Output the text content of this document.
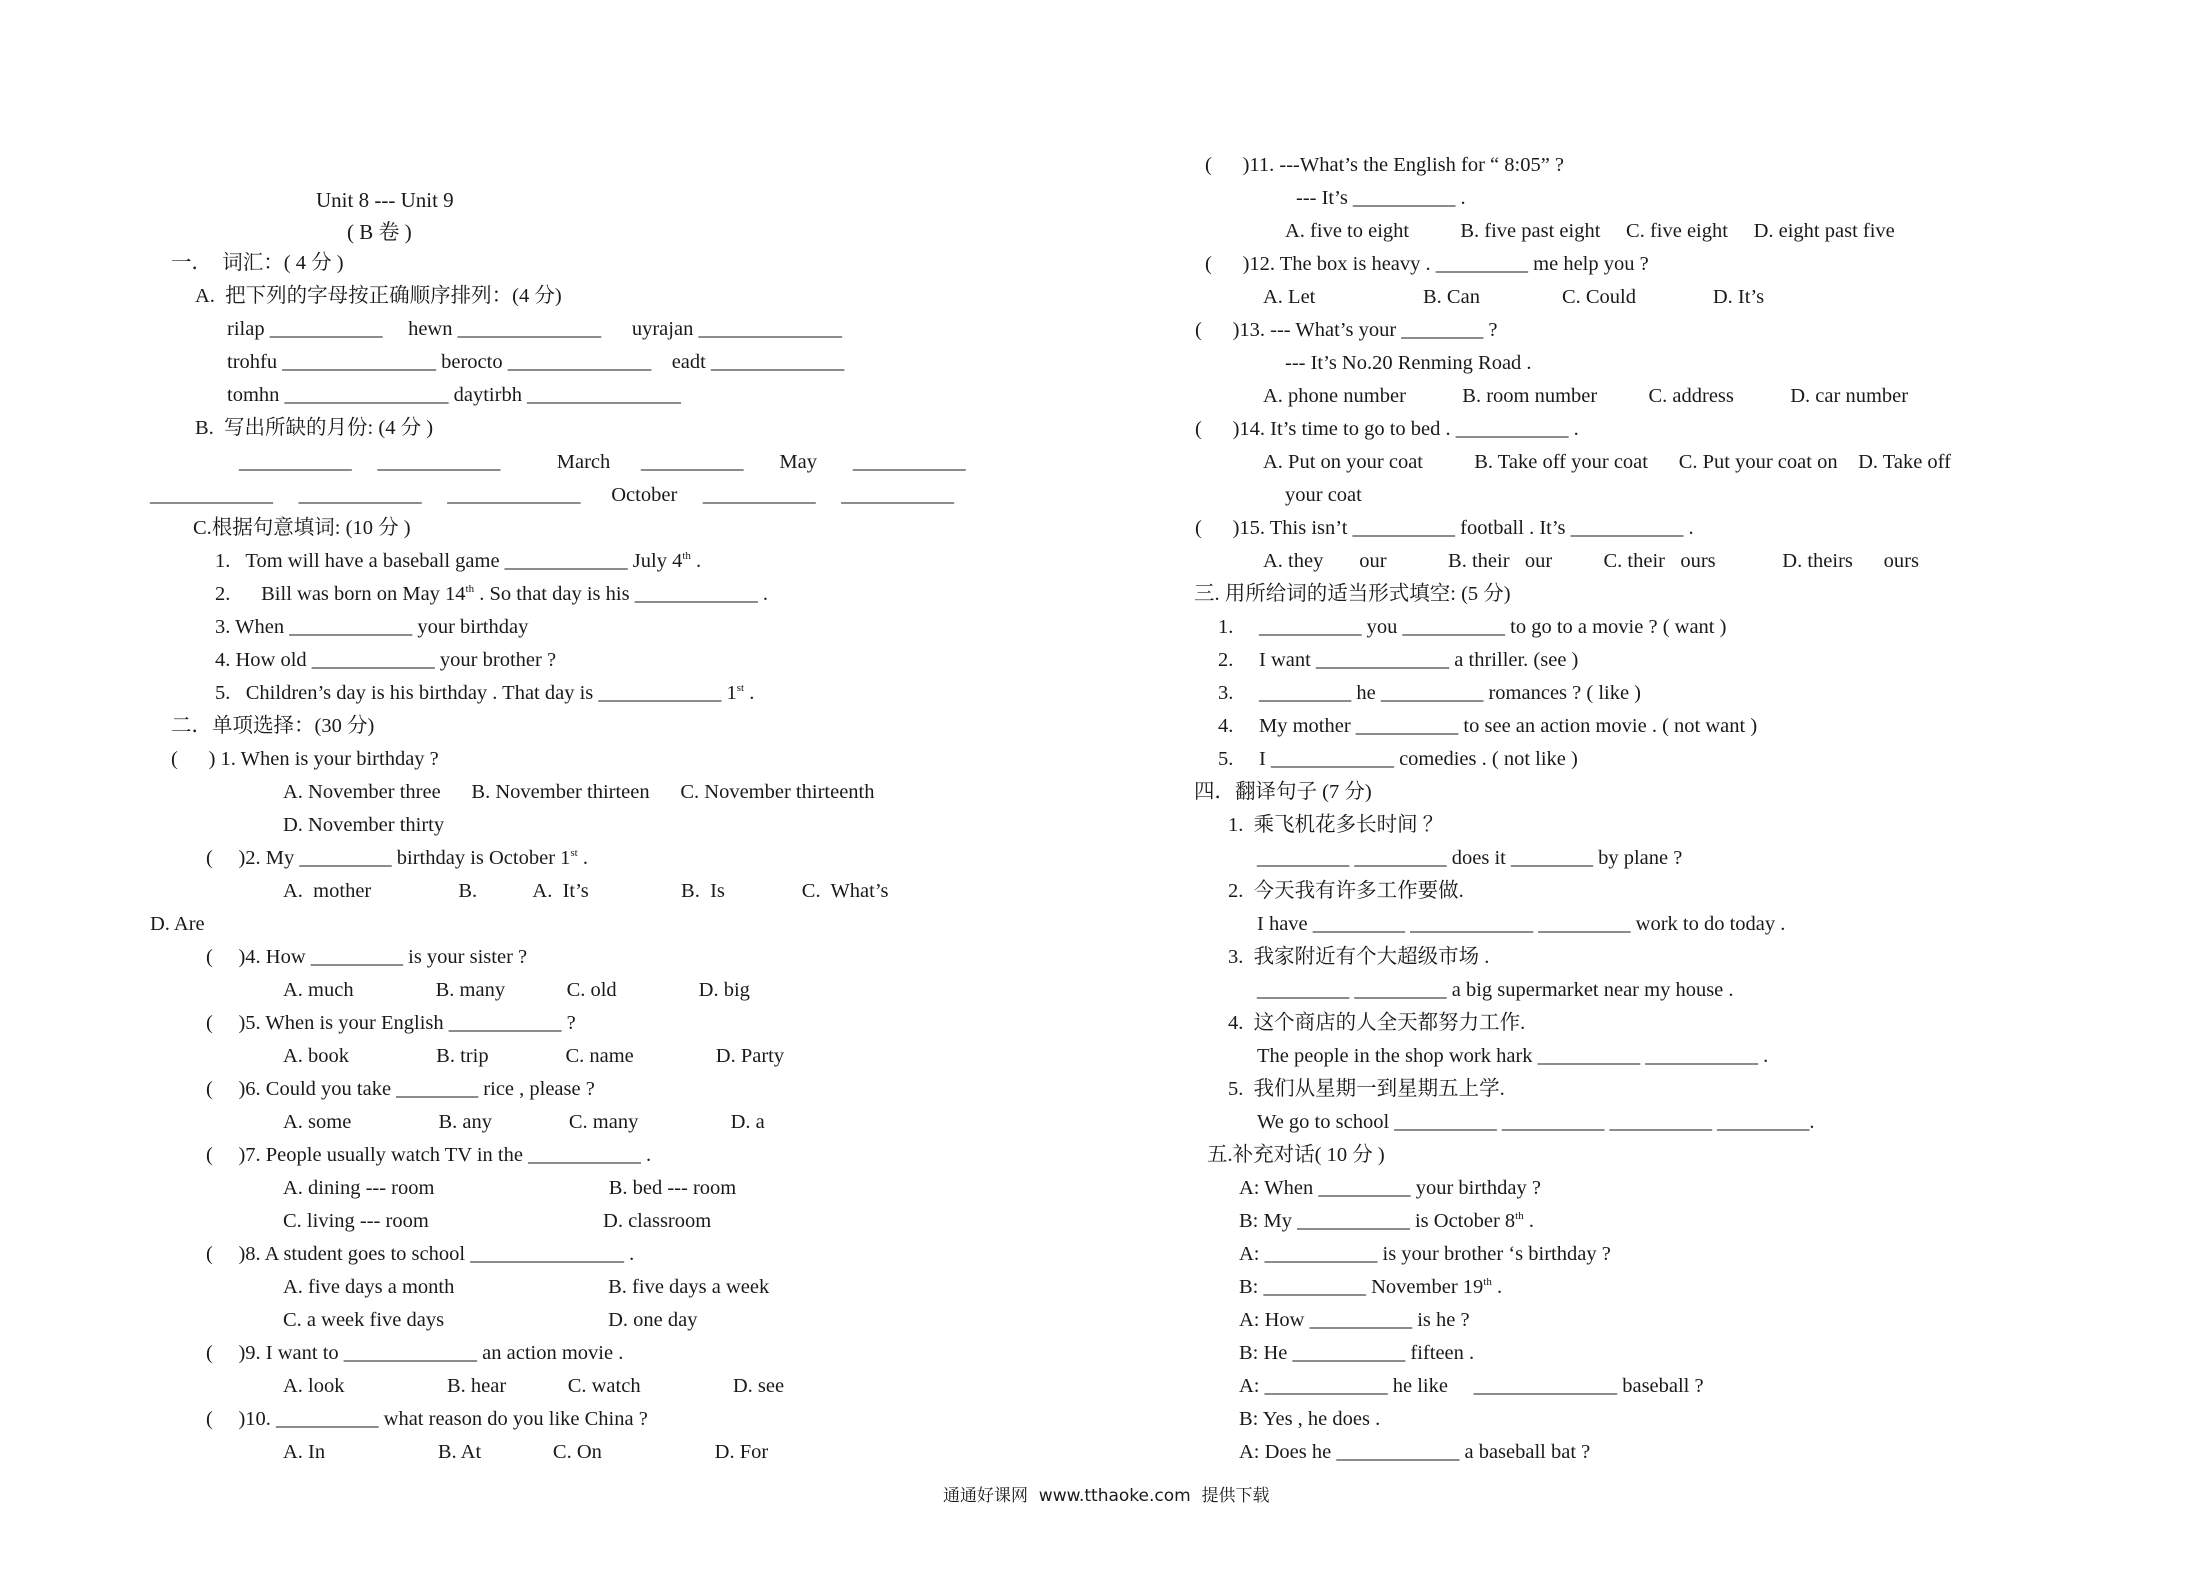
Unit 8 --- Unit 9
( B 卷 )
一．  词汇：( 4 分 )
A.  把下列的字母按正确顺序排列：(4 分)
rilap ___________     hewn ______________      uyrajan ______________
trohfu _______________ berocto ______________    eadt _____________
tomhn ________________ daytirbh _______________
B.  写出所缺的月份: (4 分 )
___________     ____________           March      __________       May       ___________
____________     ____________     _____________      October     ___________     ___________
C.根据句意填词: (10 分 )
1.   Tom will have a baseball game ____________ July 4th .
2.      Bill was born on May 14th . So that day is his ____________ .
3. When ____________ your birthday
4. How old ____________ your brother ?
5.   Children’s day is his birthday . That day is ____________ 1st .
二．单项选择：(30 分)
(      ) 1. When is your birthday ?
A. November three      B. November thirteen      C. November thirteenth
D. November thirty
(     )2. My _________ birthday is October 1st .
A.  mother                 B.           A.  It’s                  B.  Is               C.  What’s
D. Are
(     )4. How _________ is your sister ?
A. much                B. many            C. old                D. big
(     )5. When is your English ___________ ?
A. book                 B. trip               C. name                D. Party
(     )6. Could you take ________ rice , please ?
A. some                 B. any               C. many                  D. a
(     )7. People usually watch TV in the ___________ .
A. dining --- room                                  B. bed --- room
C. living --- room                                  D. classroom
(     )8. A student goes to school _______________ .
A. five days a month                              B. five days a week
C. a week five days                                D. one day
(     )9. I want to _____________ an action movie .
A. look                    B. hear            C. watch                  D. see
(     )10. __________ what reason do you like China ?
A. In                      B. At              C. On                      D. For
(      )11. ---What’s the English for “ 8:05” ?
--- It’s __________ .
A. five to eight          B. five past eight     C. five eight     D. eight past five
(      )12. The box is heavy . _________ me help you ?
A. Let                     B. Can                C. Could               D. It’s
(      )13. --- What’s your ________ ?
--- It’s No.20 Renming Road .
A. phone number           B. room number          C. address           D. car number
(      )14. It’s time to go to bed . ___________ .
A. Put on your coat          B. Take off your coat      C. Put your coat on    D. Take off
your coat
(      )15. This isn’t __________ football . It’s ___________ .
A. they       our            B. their   our          C. their   ours             D. theirs      ours
三. 用所给词的适当形式填空: (5 分)
1.     __________ you __________ to go to a movie ? ( want )
2.     I want _____________ a thriller. (see )
3.     _________ he __________ romances ? ( like )
4.     My mother __________ to see an action movie . ( not want )
5.     I ____________ comedies . ( not like )
四．翻译句子 (7 分)
1.  乘飞机花多长时间 ？
_________ _________ does it ________ by plane ?
2.  今天我有许多工作要做.
I have _________ ____________ _________ work to do today .
3.  我家附近有个大超级市场 .
_________ _________ a big supermarket near my house .
4.  这个商店的人全天都努力工作.
The people in the shop work hark __________ ___________ .
5.  我们从星期一到星期五上学.
We go to school __________ __________ __________ _________.
五.补充对话( 10 分 )
A: When _________ your birthday ?
B: My ___________ is October 8th .
A: ___________ is your brother ‘s birthday ?
B: __________ November 19th .
A: How __________ is he ?
B: He ___________ fifteen .
A: ____________ he like     ______________ baseball ?
B: Yes , he does .
A: Does he ____________ a baseball bat ?
通通好课网  www.tthaoke.com  提供下载
